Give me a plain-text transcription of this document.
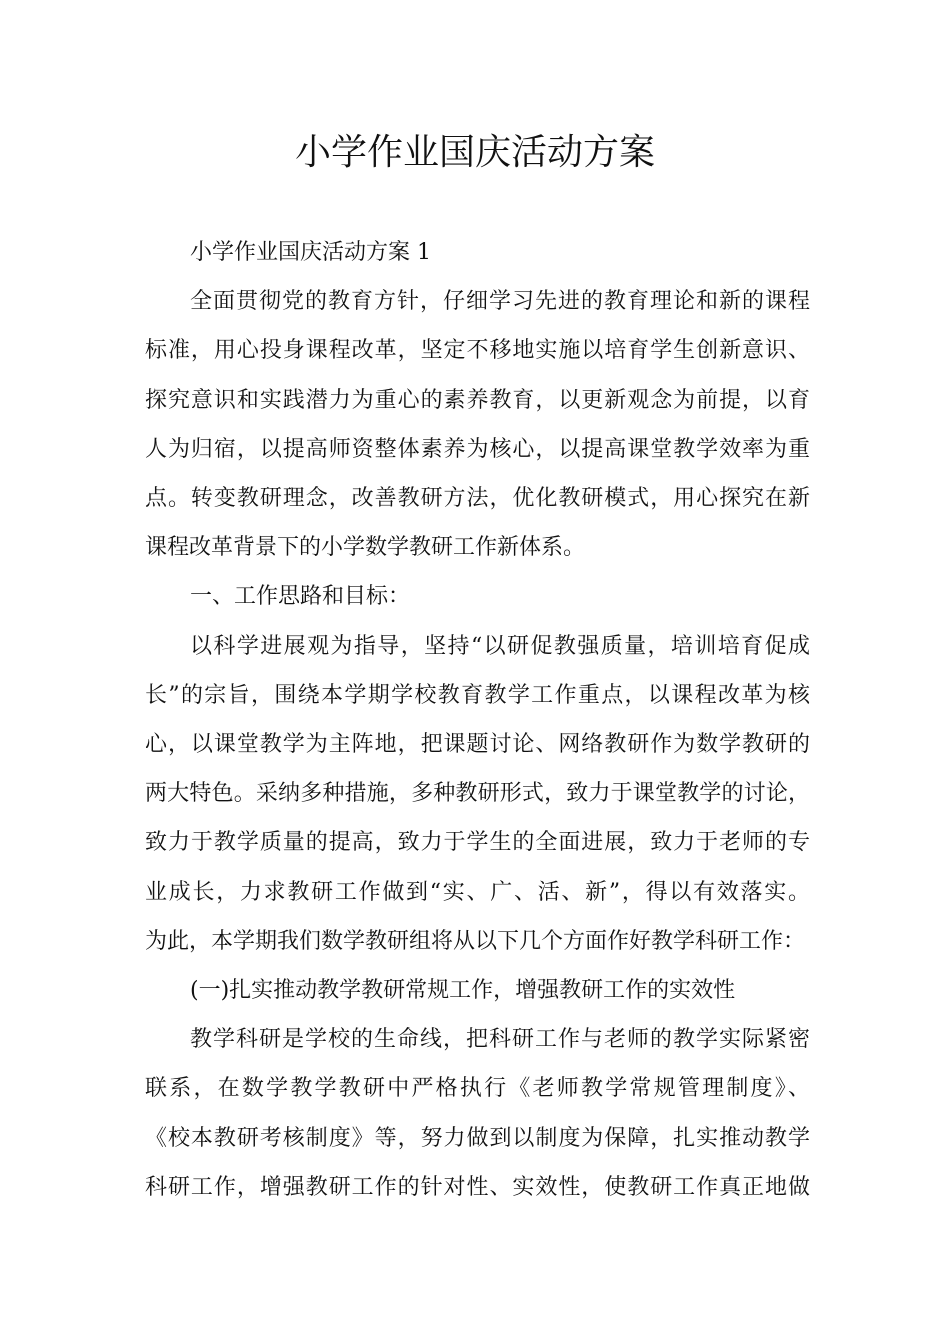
小学作业国庆活动方案
小学作业国庆活动方案 1
全面贯彻党的教育方针，仔细学习先进的教育理论和新的课程
标准，用心投身课程改革，坚定不移地实施以培育学生创新意识、
探究意识和实践潜力为重心的素养教育，以更新观念为前提，以育
人为归宿，以提高师资整体素养为核心，以提高课堂教学效率为重
点。转变教研理念，改善教研方法，优化教研模式，用心探究在新
课程改革背景下的小学数学教研工作新体系。
一、工作思路和目标：
以科学进展观为指导，坚持“以研促教强质量，培训培育促成
长”的宗旨，围绕本学期学校教育教学工作重点，以课程改革为核
心，以课堂教学为主阵地，把课题讨论、网络教研作为数学教研的
两大特色。采纳多种措施，多种教研形式，致力于课堂教学的讨论，
致力于教学质量的提高，致力于学生的全面进展，致力于老师的专
业成长，力求教研工作做到“实、广、活、新”，得以有效落实。
为此，本学期我们数学教研组将从以下几个方面作好教学科研工作：
(一)扎实推动教学教研常规工作，增强教研工作的实效性
教学科研是学校的生命线，把科研工作与老师的教学实际紧密
联系，在数学教学教研中严格执行《老师教学常规管理制度》、
《校本教研考核制度》等，努力做到以制度为保障，扎实推动教学
科研工作，增强教研工作的针对性、实效性，使教研工作真正地做
